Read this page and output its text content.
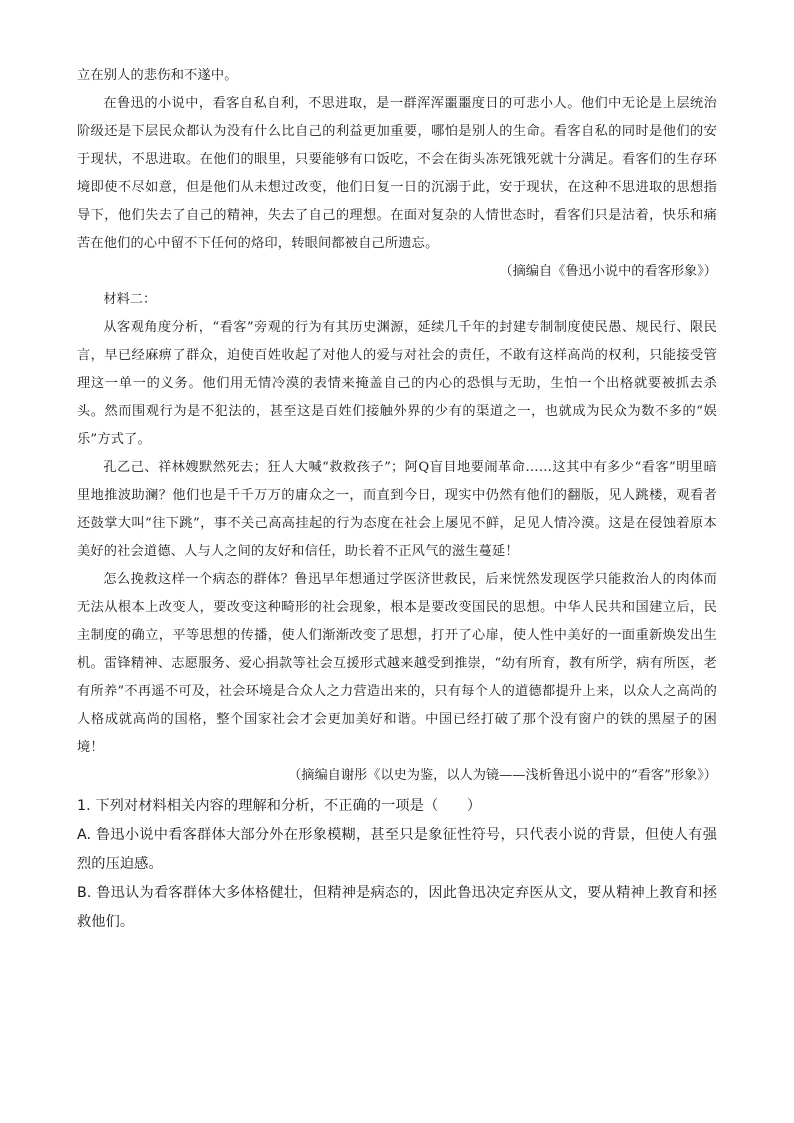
立在别人的悲伤和不遂中。

在鲁迅的小说中，看客自私自利，不思进取，是一群浑浑噩噩度日的可悲小人。他们中无论是上层统治阶级还是下层民众都认为没有什么比自己的利益更加重要，哪怕是别人的生命。看客自私的同时是他们的安于现状，不思进取。在他们的眼里，只要能够有口饭吃，不会在街头冻死饿死就十分满足。看客们的生存环境即使不尽如意，但是他们从未想过改变，他们日复一日的沉溺于此，安于现状，在这种不思进取的思想指导下，他们失去了自己的精神，失去了自己的理想。在面对复杂的人情世态时，看客们只是沽着，快乐和痛苦在他们的心中留不下任何的烙印，转眼间都被自己所遗忘。

（摘编自《鲁迅小说中的看客形象》）

材料二：

从客观角度分析，“看客”旁观的行为有其历史渊源，延续几千年的封建专制制度使民愚、规民行、限民言，早已经麻痹了群众，迫使百姓收起了对他人的爱与对社会的责任，不敢有这样高尚的权利，只能接受管理这一单一的义务。他们用无情冷漠的表情来掩盖自己的内心的恐惧与无助，生怕一个出格就要被抓去杀头。然而围观行为是不犯法的，甚至这是百姓们接触外界的少有的渠道之一，也就成为民众为数不多的“娱乐”方式了。

孔乙己、祥林嫂默然死去；狂人大喊“救救孩子”；阿Q盲目地要闹革命……这其中有多少“看客”明里暗里地推波助澜？他们也是千千万万的庸众之一，而直到今日，现实中仍然有他们的翻版，见人跳楼，观看者还鼓掌大叫“往下跳”，事不关己高高挂起的行为态度在社会上屡见不鲜，足见人情冷漠。这是在侵蚀着原本美好的社会道德、人与人之间的友好和信任，助长着不正风气的滋生蔓延！

怎么挽救这样一个病态的群体？鲁迅早年想通过学医济世救民，后来恍然发现医学只能救治人的肉体而无法从根本上改变人，要改变这种畸形的社会现象，根本是要改变国民的思想。中华人民共和国建立后，民主制度的确立，平等思想的传播，使人们渐渐改变了思想，打开了心扉，使人性中美好的一面重新焕发出生机。雷锋精神、志愿服务、爱心捐款等社会互援形式越来越受到推崇，“幼有所育，教有所学，病有所医，老有所养”不再遥不可及，社会环境是合众人之力营造出来的，只有每个人的道德都提升上来，以众人之高尚的人格成就高尚的国格，整个国家社会才会更加美好和谐。中国已经打破了那个没有窗户的铁的黑屋子的困境！

（摘编自谢彤《以史为鉴，以人为镜——浅析鲁迅小说中的“看客”形象》）

1. 下列对材料相关内容的理解和分析，不正确的一项是（　　）

A. 鲁迅小说中看客群体大部分外在形象模糊，甚至只是象征性符号，只代表小说的背景，但使人有强烈的压迫感。

B. 鲁迅认为看客群体大多体格健壮，但精神是病态的，因此鲁迅决定弃医从文，要从精神上教育和拯救他们。
